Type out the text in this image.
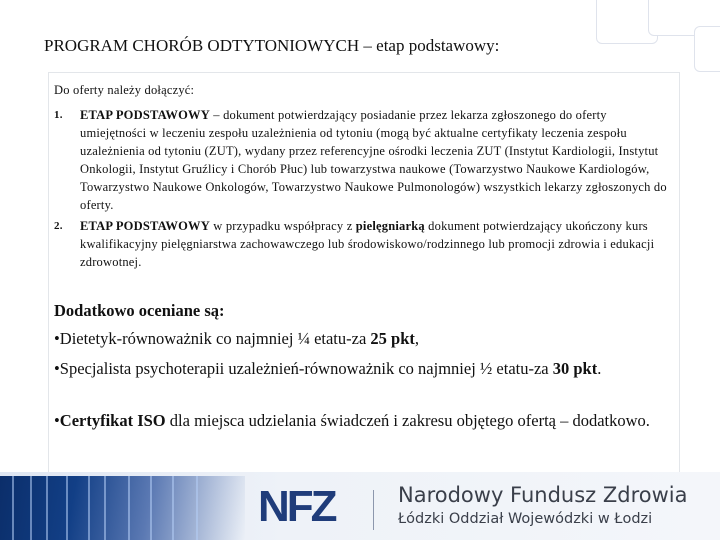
PROGRAM CHORÓB ODTYTONIOWYCH – etap podstawowy:
Do oferty należy dołączyć:
1.	ETAP PODSTAWOWY – dokument potwierdzający posiadanie przez lekarza zgłoszonego do oferty umiejętności w leczeniu zespołu uzależnienia od tytoniu (mogą być aktualne certyfikaty leczenia zespołu uzależnienia od tytoniu (ZUT), wydany przez referencyjne ośrodki leczenia ZUT (Instytut Kardiologii, Instytut Onkologii, Instytut Gruźlicy i Chorób Płuc) lub towarzystwa naukowe (Towarzystwo Naukowe Kardiologów, Towarzystwo Naukowe Onkologów, Towarzystwo Naukowe Pulmonologów) wszystkich lekarzy zgłoszonych do oferty.
2.	ETAP PODSTAWOWY w przypadku współpracy z pielęgniarką dokument potwierdzający ukończony kurs kwalifikacyjny pielęgniarstwa zachowawczego lub środowiskowo/rodzinnego lub promocji zdrowia i edukacji zdrowotnej.
Dodatkowo oceniane są:
•Dietetyk-równoważnik co najmniej ¼ etatu-za 25 pkt,
•Specjalista psychoterapii uzależnień-równoważnik co najmniej ½ etatu-za 30 pkt.
•Certyfikat ISO dla miejsca udzielania świadczeń i zakresu objętego ofertą – dodatkowo.
NFZ	Narodowy Fundusz Zdrowia
Łódzki Oddział Wojewódzki w Łodzi
